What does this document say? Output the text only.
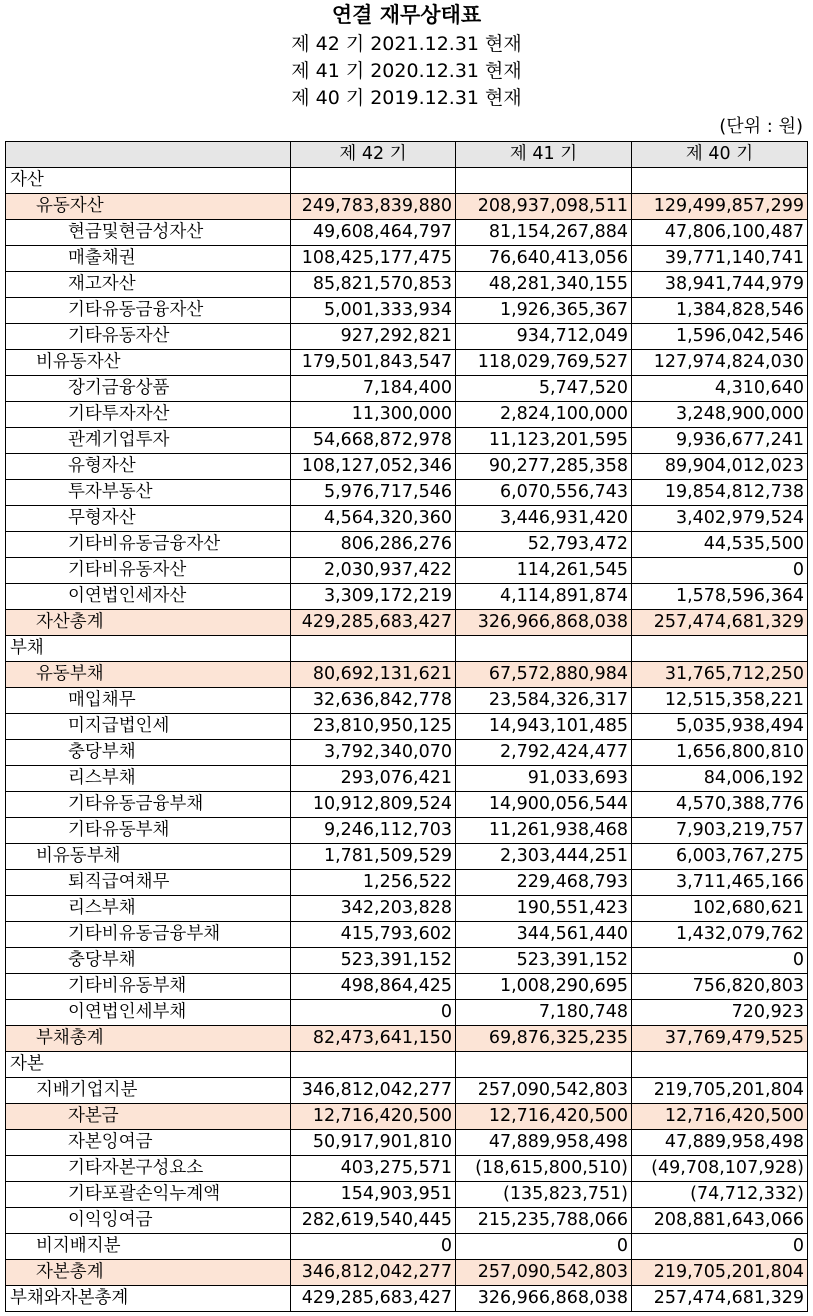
연결 재무상태표
제 42 기 2021.12.31 현재
제 41 기 2020.12.31 현재
제 40 기 2019.12.31 현재
(단위 : 원)
	제 42 기	제 41 기	제 40 기
자산			
유동자산	249,783,839,880	208,937,098,511	129,499,857,299
현금및현금성자산	49,608,464,797	81,154,267,884	47,806,100,487
매출채권	108,425,177,475	76,640,413,056	39,771,140,741
재고자산	85,821,570,853	48,281,340,155	38,941,744,979
기타유동금융자산	5,001,333,934	1,926,365,367	1,384,828,546
기타유동자산	927,292,821	934,712,049	1,596,042,546
비유동자산	179,501,843,547	118,029,769,527	127,974,824,030
장기금융상품	7,184,400	5,747,520	4,310,640
기타투자자산	11,300,000	2,824,100,000	3,248,900,000
관계기업투자	54,668,872,978	11,123,201,595	9,936,677,241
유형자산	108,127,052,346	90,277,285,358	89,904,012,023
투자부동산	5,976,717,546	6,070,556,743	19,854,812,738
무형자산	4,564,320,360	3,446,931,420	3,402,979,524
기타비유동금융자산	806,286,276	52,793,472	44,535,500
기타비유동자산	2,030,937,422	114,261,545	0
이연법인세자산	3,309,172,219	4,114,891,874	1,578,596,364
자산총계	429,285,683,427	326,966,868,038	257,474,681,329
부채			
유동부채	80,692,131,621	67,572,880,984	31,765,712,250
매입채무	32,636,842,778	23,584,326,317	12,515,358,221
미지급법인세	23,810,950,125	14,943,101,485	5,035,938,494
충당부채	3,792,340,070	2,792,424,477	1,656,800,810
리스부채	293,076,421	91,033,693	84,006,192
기타유동금융부채	10,912,809,524	14,900,056,544	4,570,388,776
기타유동부채	9,246,112,703	11,261,938,468	7,903,219,757
비유동부채	1,781,509,529	2,303,444,251	6,003,767,275
퇴직급여채무	1,256,522	229,468,793	3,711,465,166
리스부채	342,203,828	190,551,423	102,680,621
기타비유동금융부채	415,793,602	344,561,440	1,432,079,762
충당부채	523,391,152	523,391,152	0
기타비유동부채	498,864,425	1,008,290,695	756,820,803
이연법인세부채	0	7,180,748	720,923
부채총계	82,473,641,150	69,876,325,235	37,769,479,525
자본			
지배기업지분	346,812,042,277	257,090,542,803	219,705,201,804
자본금	12,716,420,500	12,716,420,500	12,716,420,500
자본잉여금	50,917,901,810	47,889,958,498	47,889,958,498
기타자본구성요소	403,275,571	(18,615,800,510)	(49,708,107,928)
기타포괄손익누계액	154,903,951	(135,823,751)	(74,712,332)
이익잉여금	282,619,540,445	215,235,788,066	208,881,643,066
비지배지분	0	0	0
자본총계	346,812,042,277	257,090,542,803	219,705,201,804
부채와자본총계	429,285,683,427	326,966,868,038	257,474,681,329
